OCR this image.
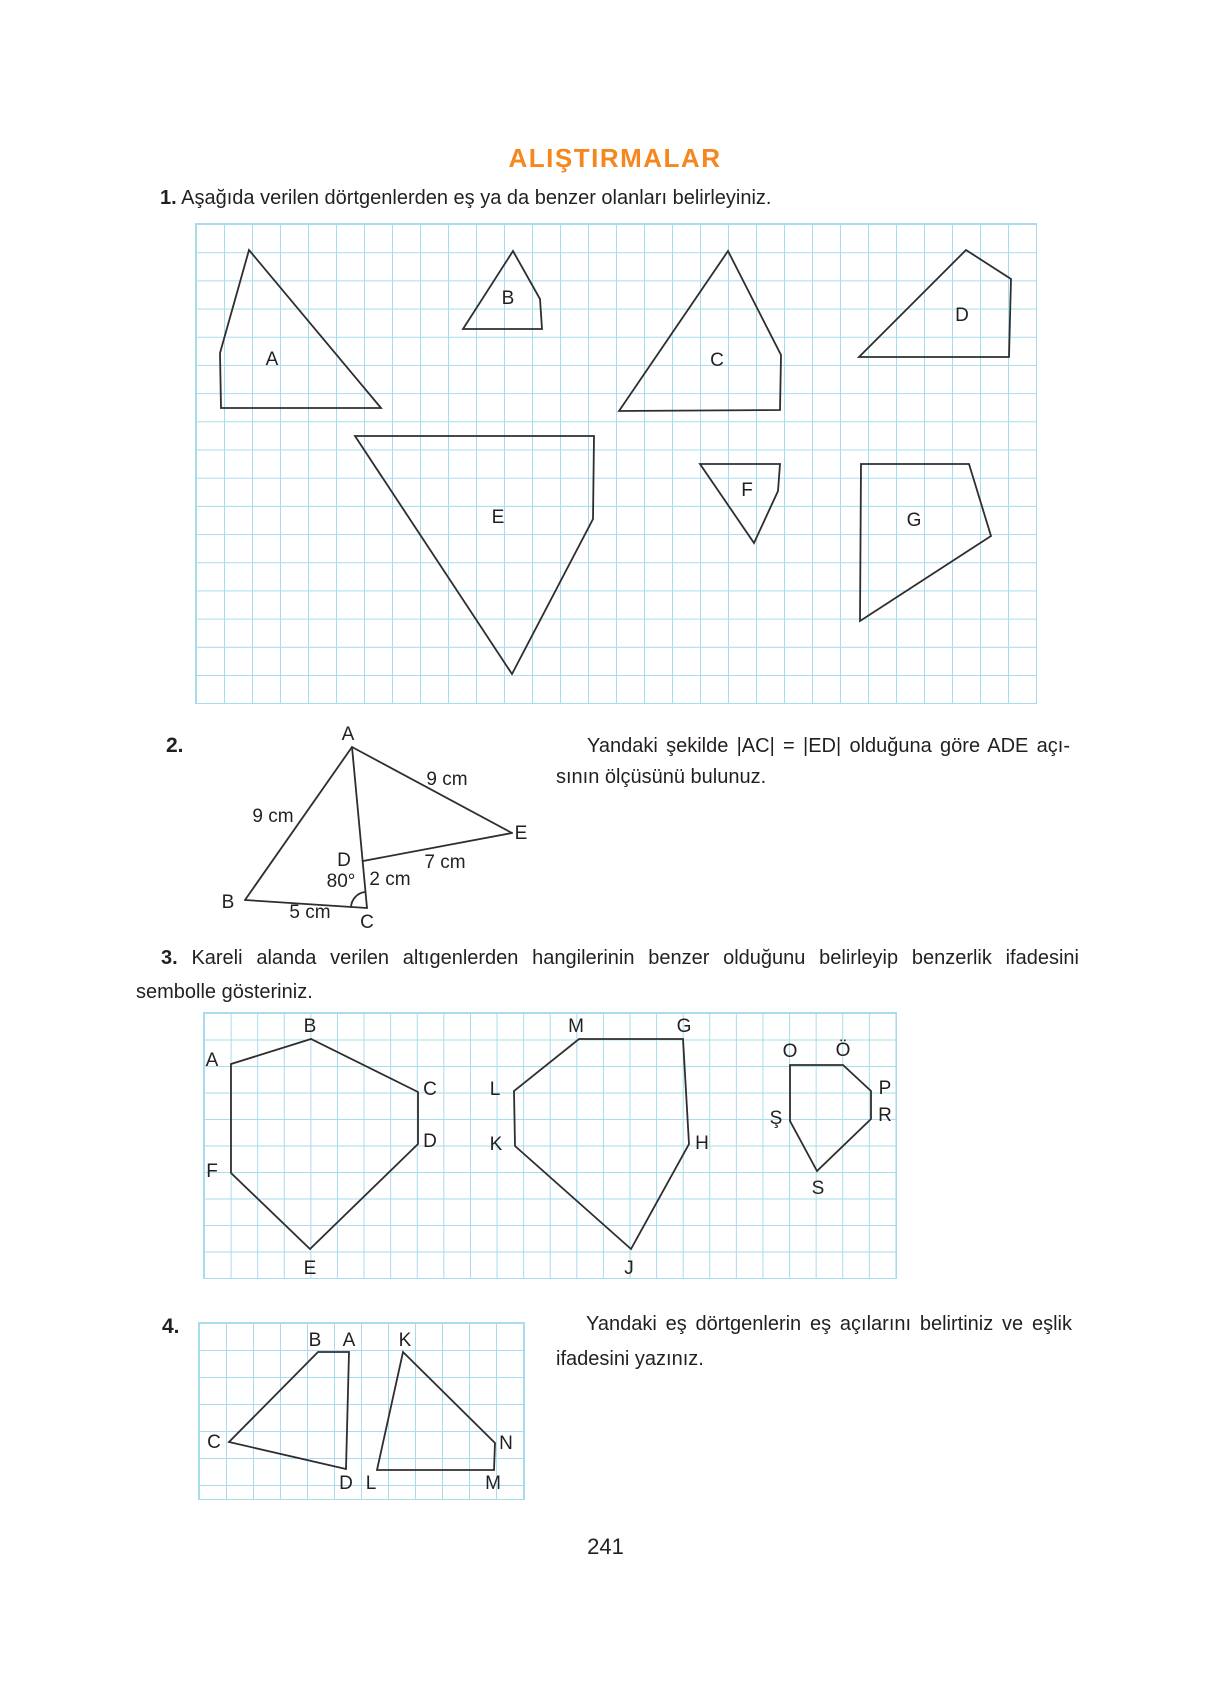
ALIŞTIRMALAR
1. Aşağıda verilen dörtgenlerden eş ya da benzer olanları belirleyiniz.
A
B
C
D
E
F
G
2.	A
B
C
D
E
9 cm
9 cm
7 cm
2 cm
80°
5 cm
Yandaki şekilde |AC| = |ED| olduğuna göre ADE açı-
sının ölçüsünü bulunuz.
3. Kareli alanda verilen altıgenlerden hangilerinin benzer olduğunu belirleyip benzerlik ifadesini
sembolle gösteriniz.
A
B
C
D
E
F
M	G
H
J
K
L
O Ö
P
R
S
Ş
4.
B A K
C
D L	M
N
Yandaki eş dörtgenlerin eş açılarını belirtiniz ve eşlik
ifadesini yazınız.
241
